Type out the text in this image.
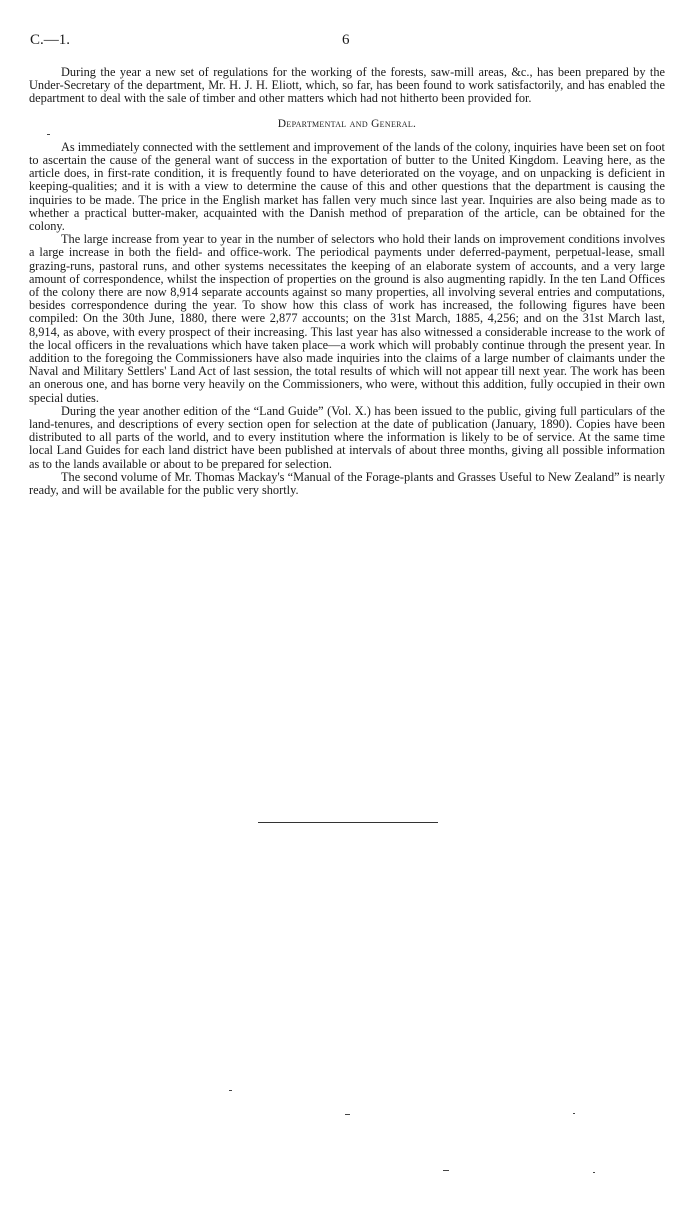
C.—1.	6

During the year a new set of regulations for the working of the forests, saw-mill areas, &c., has been prepared by the Under-Secretary of the department, Mr. H. J. H. Eliott, which, so far, has been found to work satisfactorily, and has enabled the department to deal with the sale of timber and other matters which had not hitherto been provided for.

Departmental and General.

As immediately connected with the settlement and improvement of the lands of the colony, inquiries have been set on foot to ascertain the cause of the general want of success in the exportation of butter to the United Kingdom. Leaving here, as the article does, in first-rate condition, it is frequently found to have deteriorated on the voyage, and on unpacking is deficient in keeping-qualities; and it is with a view to determine the cause of this and other questions that the department is causing the inquiries to be made. The price in the English market has fallen very much since last year. Inquiries are also being made as to whether a practical butter-maker, acquainted with the Danish method of preparation of the article, can be obtained for the colony.

The large increase from year to year in the number of selectors who hold their lands on improvement conditions involves a large increase in both the field- and office-work. The periodical payments under deferred-payment, perpetual-lease, small grazing-runs, pastoral runs, and other systems necessitates the keeping of an elaborate system of accounts, and a very large amount of correspondence, whilst the inspection of properties on the ground is also augmenting rapidly. In the ten Land Offices of the colony there are now 8,914 separate accounts against so many properties, all involving several entries and computations, besides correspondence during the year. To show how this class of work has increased, the following figures have been compiled: On the 30th June, 1880, there were 2,877 accounts; on the 31st March, 1885, 4,256; and on the 31st March last, 8,914, as above, with every prospect of their increasing. This last year has also witnessed a considerable increase to the work of the local officers in the revaluations which have taken place—a work which will probably continue through the present year. In addition to the foregoing the Commissioners have also made inquiries into the claims of a large number of claimants under the Naval and Military Settlers' Land Act of last session, the total results of which will not appear till next year. The work has been an onerous one, and has borne very heavily on the Commissioners, who were, without this addition, fully occupied in their own special duties.

During the year another edition of the “Land Guide” (Vol. X.) has been issued to the public, giving full particulars of the land-tenures, and descriptions of every section open for selection at the date of publication (January, 1890). Copies have been distributed to all parts of the world, and to every institution where the information is likely to be of service. At the same time local Land Guides for each land district have been published at intervals of about three months, giving all possible information as to the lands available or about to be prepared for selection.

The second volume of Mr. Thomas Mackay's “Manual of the Forage-plants and Grasses Useful to New Zealand” is nearly ready, and will be available for the public very shortly.
